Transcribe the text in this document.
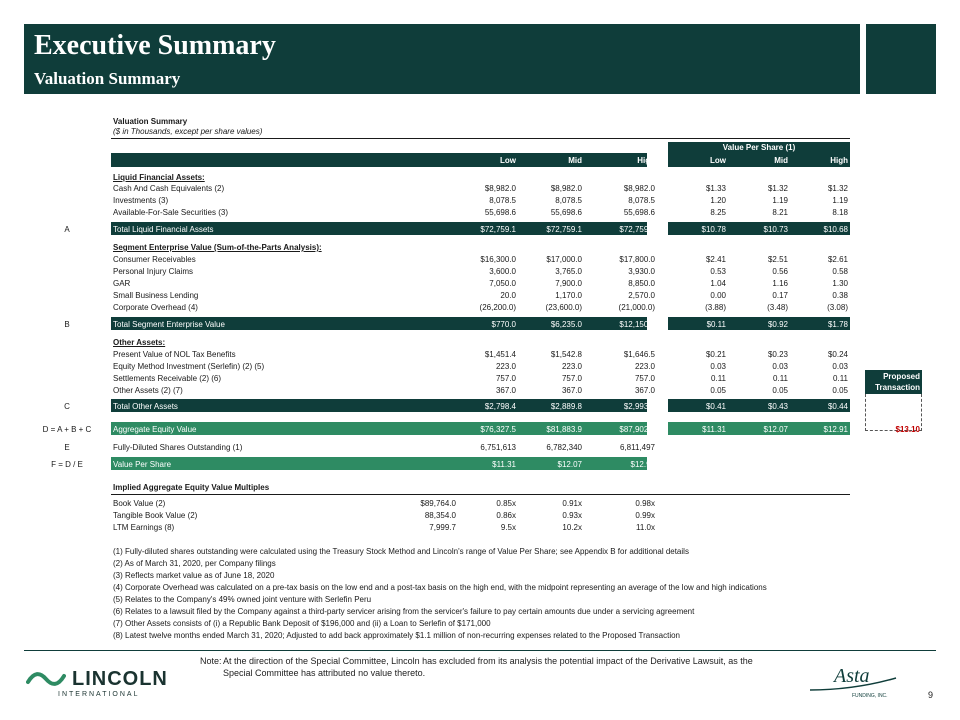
Executive Summary
Valuation Summary
Valuation Summary
($ in Thousands, except per share values)
Value Per Share (1)
Low	Mid	High	Low	Mid	High
Liquid Financial Assets:
Cash And Cash Equivalents (2)	$8,982.0	$8,982.0	$8,982.0	$1.33	$1.32	$1.32
Investments (3)	8,078.5	8,078.5	8,078.5	1.20	1.19	1.19
Available-For-Sale Securities (3)	55,698.6	55,698.6	55,698.6	8.25	8.21	8.18
A	Total Liquid Financial Assets	$72,759.1	$72,759.1	$72,759.1	$10.78	$10.73	$10.68
Segment Enterprise Value (Sum-of-the-Parts Analysis):
Consumer Receivables	$16,300.0	$17,000.0	$17,800.0	$2.41	$2.51	$2.61
Personal Injury Claims	3,600.0	3,765.0	3,930.0	0.53	0.56	0.58
GAR	7,050.0	7,900.0	8,850.0	1.04	1.16	1.30
Small Business Lending	20.0	1,170.0	2,570.0	0.00	0.17	0.38
Corporate Overhead (4)	(26,200.0)	(23,600.0)	(21,000.0)	(3.88)	(3.48)	(3.08)
B	Total Segment Enterprise Value	$770.0	$6,235.0	$12,150.0	$0.11	$0.92	$1.78
Other Assets:
Present Value of NOL Tax Benefits	$1,451.4	$1,542.8	$1,646.5	$0.21	$0.23	$0.24
Equity Method Investment (Serlefin) (2) (5)	223.0	223.0	223.0	0.03	0.03	0.03
Settlements Receivable (2) (6)	757.0	757.0	757.0	0.11	0.11	0.11
Other Assets (2) (7)	367.0	367.0	367.0	0.05	0.05	0.05
Proposed
Transaction
C	Total Other Assets	$2,798.4	$2,889.8	$2,993.5	$0.41	$0.43	$0.44
D = A + B + C	Aggregate Equity Value	$76,327.5	$81,883.9	$87,902.6	$11.31	$12.07	$12.91	$13.10
E	Fully-Diluted Shares Outstanding (1)	6,751,613	6,782,340	6,811,497
F = D / E	Value Per Share	$11.31	$12.07	$12.91
Implied Aggregate Equity Value Multiples
Book Value (2)	$89,764.0	0.85x	0.91x	0.98x
Tangible Book Value (2)	88,354.0	0.86x	0.93x	0.99x
LTM Earnings (8)	7,999.7	9.5x	10.2x	11.0x
(1) Fully-diluted shares outstanding were calculated using the Treasury Stock Method and Lincoln's range of Value Per Share; see Appendix B for additional details
(2) As of March 31, 2020, per Company filings
(3) Reflects market value as of June 18, 2020
(4) Corporate Overhead was calculated on a pre-tax basis on the low end and a post-tax basis on the high end, with the midpoint representing an average of the low and high indications
(5) Relates to the Company's 49% owned joint venture with Serlefin Peru
(6) Relates to a lawsuit filed by the Company against a third-party servicer arising from the servicer's failure to pay certain amounts due under a servicing agreement
(7) Other Assets consists of (i) a Republic Bank Deposit of $196,000 and (ii) a Loan to Serlefin of $171,000
(8) Latest twelve months ended March 31, 2020; Adjusted to add back approximately $1.1 million of non-recurring expenses related to the Proposed Transaction
Note: At the direction of the Special Committee, Lincoln has excluded from its analysis the potential impact of the Derivative Lawsuit, as the Special Committee has attributed no value thereto.
LINCOLN
INTERNATIONAL
Asta
FUNDING, INC.	9
